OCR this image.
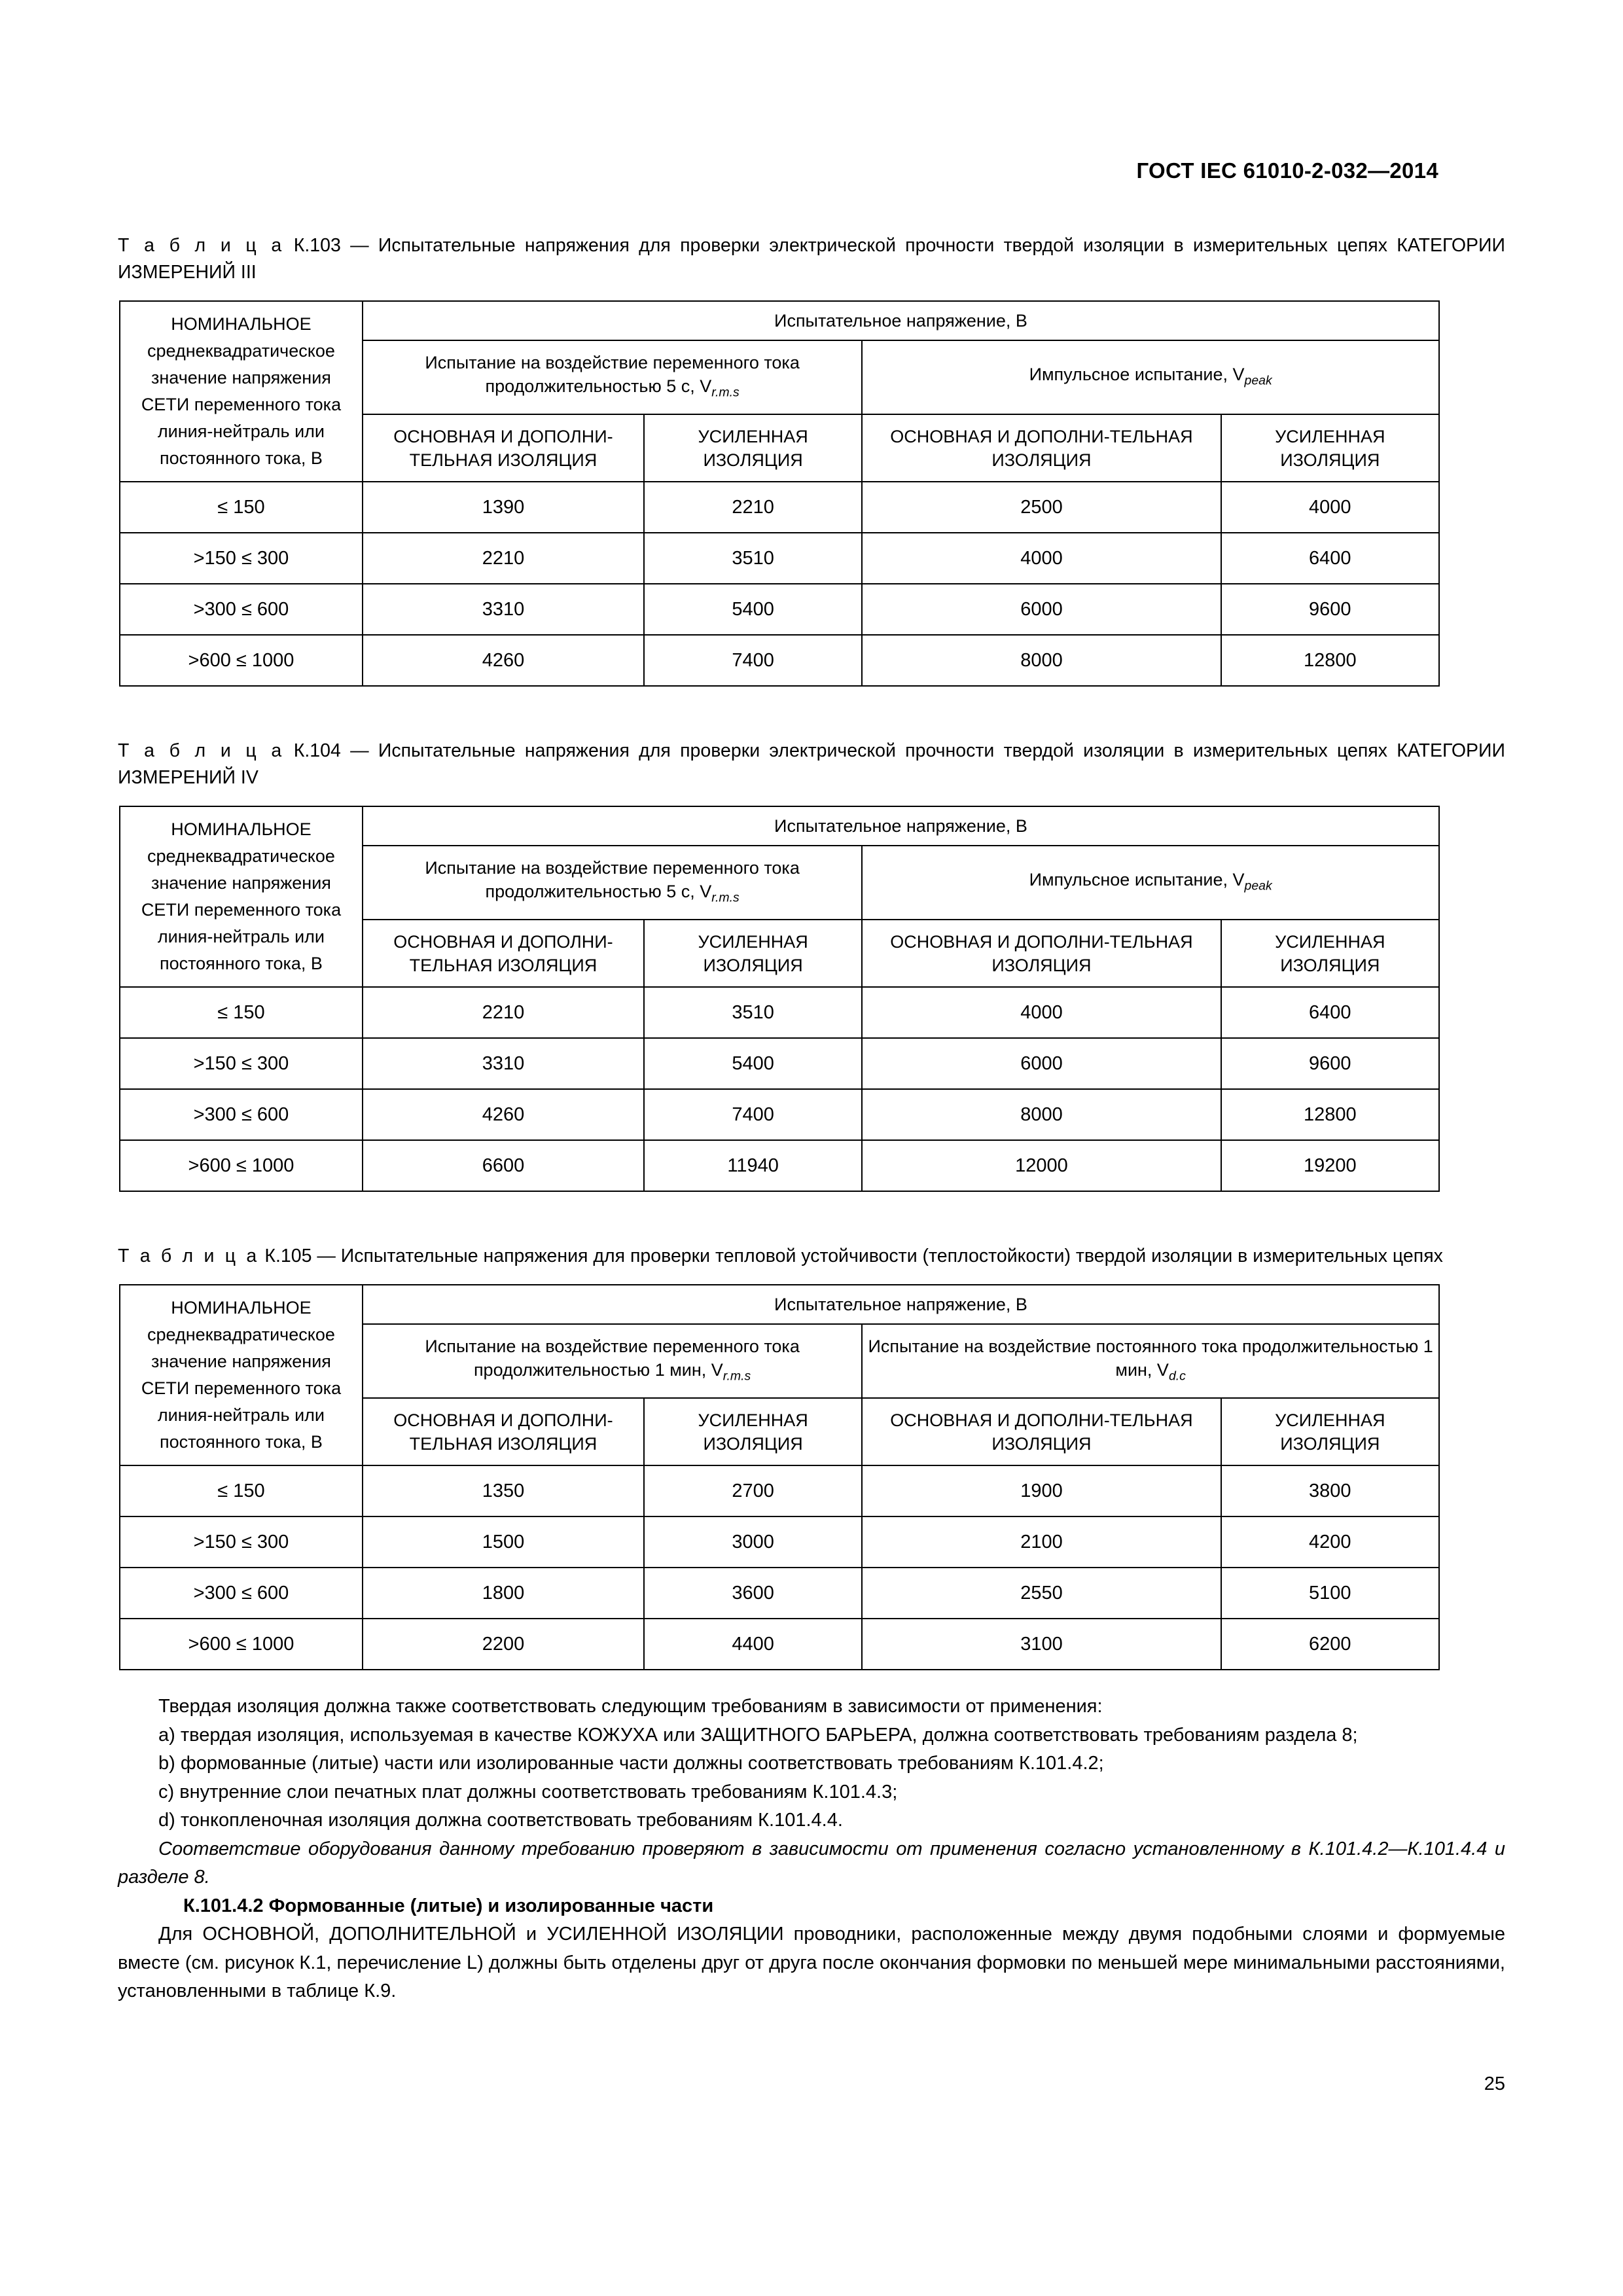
ГОСТ IEC 61010-2-032—2014
Т а б л и ц а К.103 — Испытательные напряжения для проверки электрической прочности твердой изоляции в измерительных цепях КАТЕГОРИИ ИЗМЕРЕНИЙ III
НОМИНАЛЬНОЕ среднеквадратическое значение напряжения СЕТИ переменного тока линия-нейтраль или постоянного тока, В	Испытательное напряжение, В			
	Испытание на воздействие переменного тока продолжительностью 5 с, $V_{r.m.s}$		Импульсное испытание, $V_{peak}$
	ОСНОВНАЯ И ДОПОЛНИ-ТЕЛЬНАЯ ИЗОЛЯЦИЯ	УСИЛЕННАЯ ИЗОЛЯЦИЯ	ОСНОВНАЯ И ДОПОЛНИ-ТЕЛЬНАЯ ИЗОЛЯЦИЯ	УСИЛЕННАЯ ИЗОЛЯЦИЯ
≤ 150	1390	2210	2500	4000
>150 ≤ 300	2210	3510	4000	6400
>300 ≤ 600	3310	5400	6000	9600
>600 ≤ 1000	4260	7400	8000	12800
Т а б л и ц а К.104 — Испытательные напряжения для проверки электрической прочности твердой изоляции в измерительных цепях КАТЕГОРИИ ИЗМЕРЕНИЙ IV
НОМИНАЛЬНОЕ среднеквадратическое значение напряжения СЕТИ переменного тока линия-нейтраль или постоянного тока, В	Испытательное напряжение, В			
	Испытание на воздействие переменного тока продолжительностью 5 с, $V_{r.m.s}$		Импульсное испытание, $V_{peak}$
	ОСНОВНАЯ И ДОПОЛНИ-ТЕЛЬНАЯ ИЗОЛЯЦИЯ	УСИЛЕННАЯ ИЗОЛЯЦИЯ	ОСНОВНАЯ И ДОПОЛНИ-ТЕЛЬНАЯ ИЗОЛЯЦИЯ	УСИЛЕННАЯ ИЗОЛЯЦИЯ
≤ 150	2210	3510	4000	6400
>150 ≤ 300	3310	5400	6000	9600
>300 ≤ 600	4260	7400	8000	12800
>600 ≤ 1000	6600	11940	12000	19200
Т а б л и ц а К.105 — Испытательные напряжения для проверки тепловой устойчивости (теплостойкости) твердой изоляции в измерительных цепях
НОМИНАЛЬНОЕ среднеквадратическое значение напряжения СЕТИ переменного тока линия-нейтраль или постоянного тока, В	Испытательное напряжение, В			
	Испытание на воздействие переменного тока продолжительностью 1 мин, $V_{r.m.s}$		Испытание на воздействие постоянного тока продолжительностью 1 мин, $V_{d.c}$
	ОСНОВНАЯ И ДОПОЛНИ-ТЕЛЬНАЯ ИЗОЛЯЦИЯ	УСИЛЕННАЯ ИЗОЛЯЦИЯ	ОСНОВНАЯ И ДОПОЛНИ-ТЕЛЬНАЯ ИЗОЛЯЦИЯ	УСИЛЕННАЯ ИЗОЛЯЦИЯ
≤ 150	1350	2700	1900	3800
>150 ≤ 300	1500	3000	2100	4200
>300 ≤ 600	1800	3600	2550	5100
>600 ≤ 1000	2200	4400	3100	6200

Твердая изоляция должна также соответствовать следующим требованиям в зависимости от применения:

a) твердая изоляция, используемая в качестве КОЖУХА или ЗАЩИТНОГО БАРЬЕРА, должна соответствовать требованиям раздела 8;

b) формованные (литые) части или изолированные части должны соответствовать требованиям К.101.4.2;

c) внутренние слои печатных плат должны соответствовать требованиям К.101.4.3;

d) тонкопленочная изоляция должна соответствовать требованиям К.101.4.4.

Соответствие оборудования данному требованию проверяют в зависимости от применения согласно установленному в К.101.4.2—К.101.4.4 и разделе 8.

К.101.4.2 Формованные (литые) и изолированные части

Для ОСНОВНОЙ, ДОПОЛНИТЕЛЬНОЙ и УСИЛЕННОЙ ИЗОЛЯЦИИ проводники, расположенные между двумя подобными слоями и формуемые вместе (см. рисунок К.1, перечисление L) должны быть отделены друг от друга после окончания формовки по меньшей мере минимальными расстояниями, установленными в таблице К.9.

25
